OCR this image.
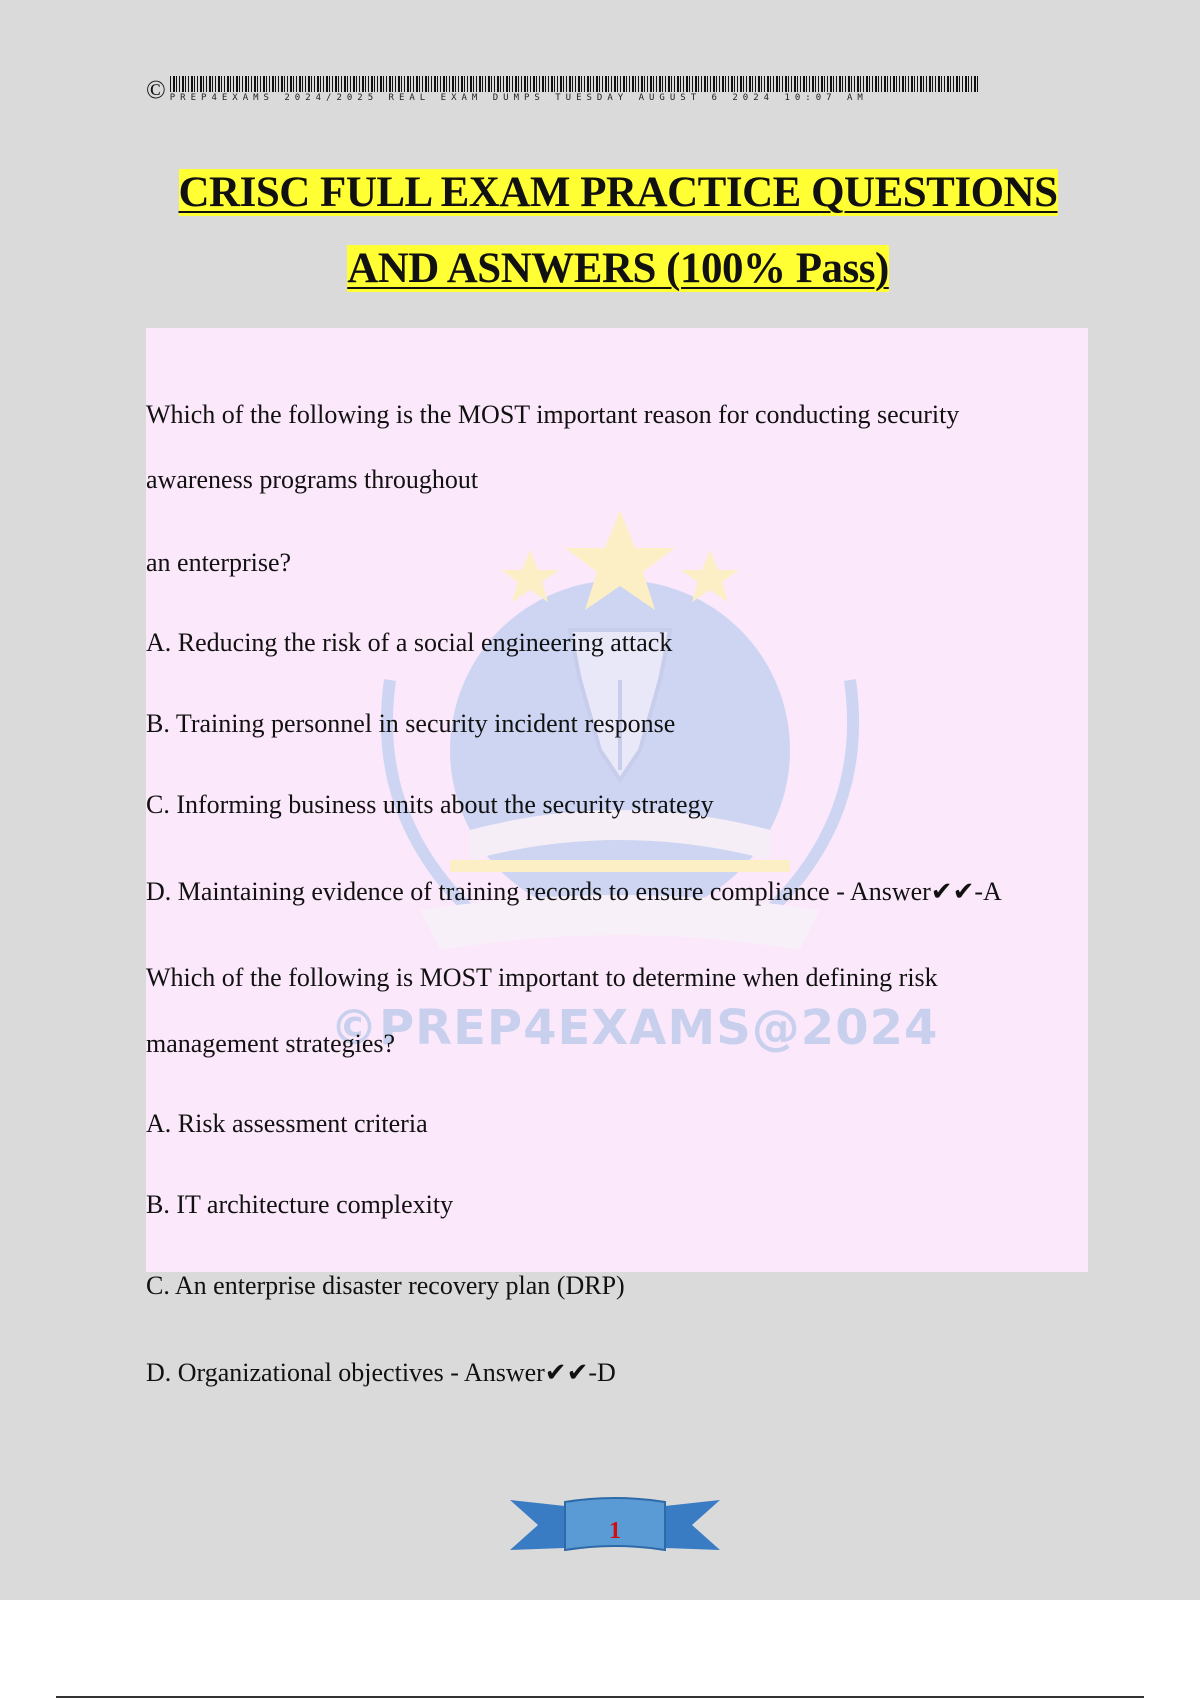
© PREP4EXAMS 2024/2025 REAL EXAM DUMPS TUESDAY AUGUST 6 2024 10:07 AM
CRISC FULL EXAM PRACTICE QUESTIONS
AND ASNWERS (100% Pass)
©PREP4EXAMS@2024
Which of the following is the MOST important reason for conducting security
awareness programs throughout
an enterprise?
A. Reducing the risk of a social engineering attack
B. Training personnel in security incident response
C. Informing business units about the security strategy
D. Maintaining evidence of training records to ensure compliance - Answer✔✔-A
Which of the following is MOST important to determine when defining risk
management strategies?
A. Risk assessment criteria
B. IT architecture complexity
C. An enterprise disaster recovery plan (DRP)
D. Organizational objectives - Answer✔✔-D
1
